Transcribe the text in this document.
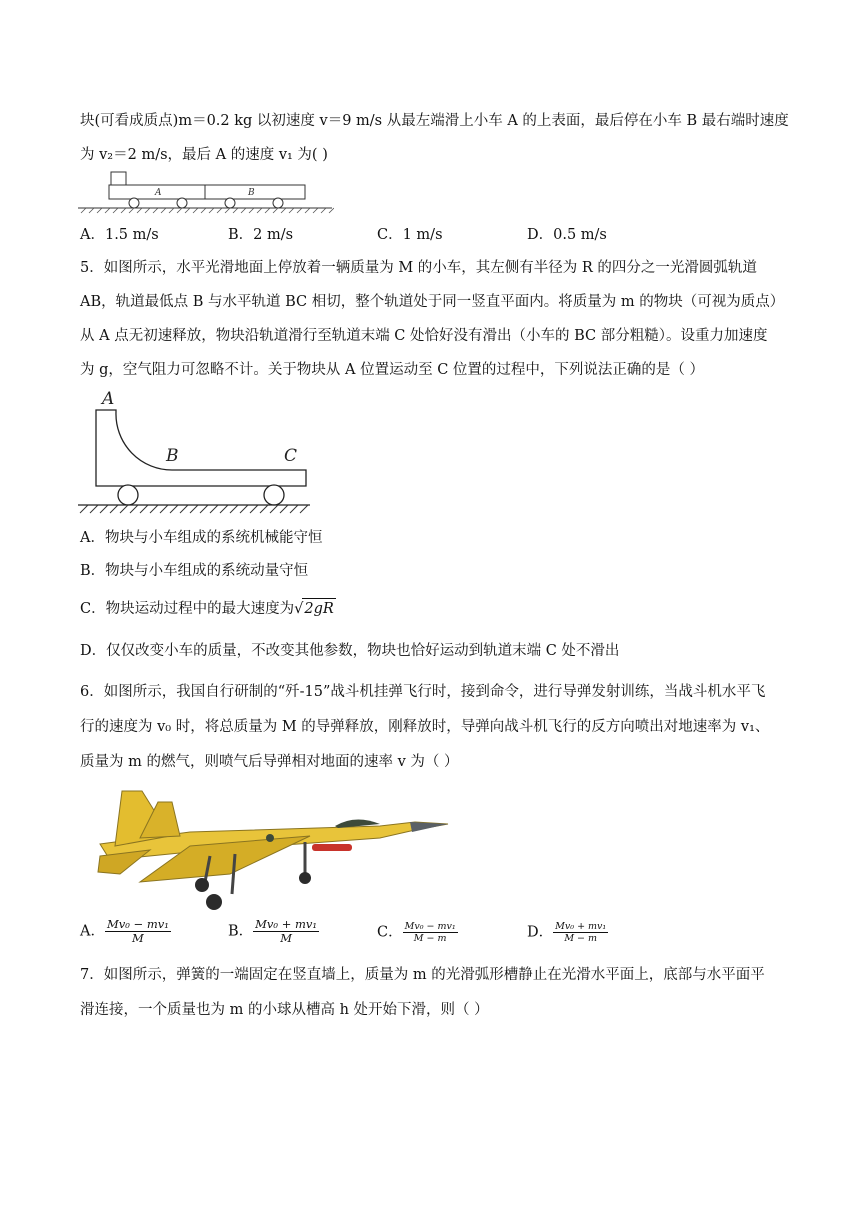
块(可看成质点)m＝0.2 kg 以初速度 v＝9 m/s 从最左端滑上小车 A 的上表面，最后停在小车 B 最右端时速度
为 v₂＝2 m/s，最后 A 的速度 v₁ 为( )
A	B
A．1.5 m/s	B．2 m/s	C．1 m/s	D．0.5 m/s
5．如图所示，水平光滑地面上停放着一辆质量为 M 的小车，其左侧有半径为 R 的四分之一光滑圆弧轨道
AB，轨道最低点 B 与水平轨道 BC 相切，整个轨道处于同一竖直平面内。将质量为 m 的物块（可视为质点）
从 A 点无初速释放，物块沿轨道滑行至轨道末端 C 处恰好没有滑出（小车的 BC 部分粗糙）。设重力加速度
为 g，空气阻力可忽略不计。关于物块从 A 位置运动至 C 位置的过程中，下列说法正确的是（ ）
A
B	C
A．物块与小车组成的系统机械能守恒
B．物块与小车组成的系统动量守恒
C．物块运动过程中的最大速度为√2gR
D．仅仅改变小车的质量，不改变其他参数，物块也恰好运动到轨道末端 C 处不滑出
6．如图所示，我国自行研制的“歼-15”战斗机挂弹飞行时，接到命令，进行导弹发射训练，当战斗机水平飞
行的速度为 v₀ 时，将总质量为 M 的导弹释放，刚释放时，导弹向战斗机飞行的反方向喷出对地速率为 v₁、
质量为 m 的燃气，则喷气后导弹相对地面的速率 v 为（ ）
A． $\frac{\text{Mv₀ − mv₁}}{M}$	B． $\frac{\text{Mv₀ + mv₁}}{M}$	C． $\frac{\text{Mv₀ − mv₁}}{M - m}$	D． $\frac{\text{Mv₀ + mv₁}}{M - m}$
7．如图所示，弹簧的一端固定在竖直墙上，质量为 m 的光滑弧形槽静止在光滑水平面上，底部与水平面平
滑连接，一个质量也为 m 的小球从槽高 h 处开始下滑，则（ ）
